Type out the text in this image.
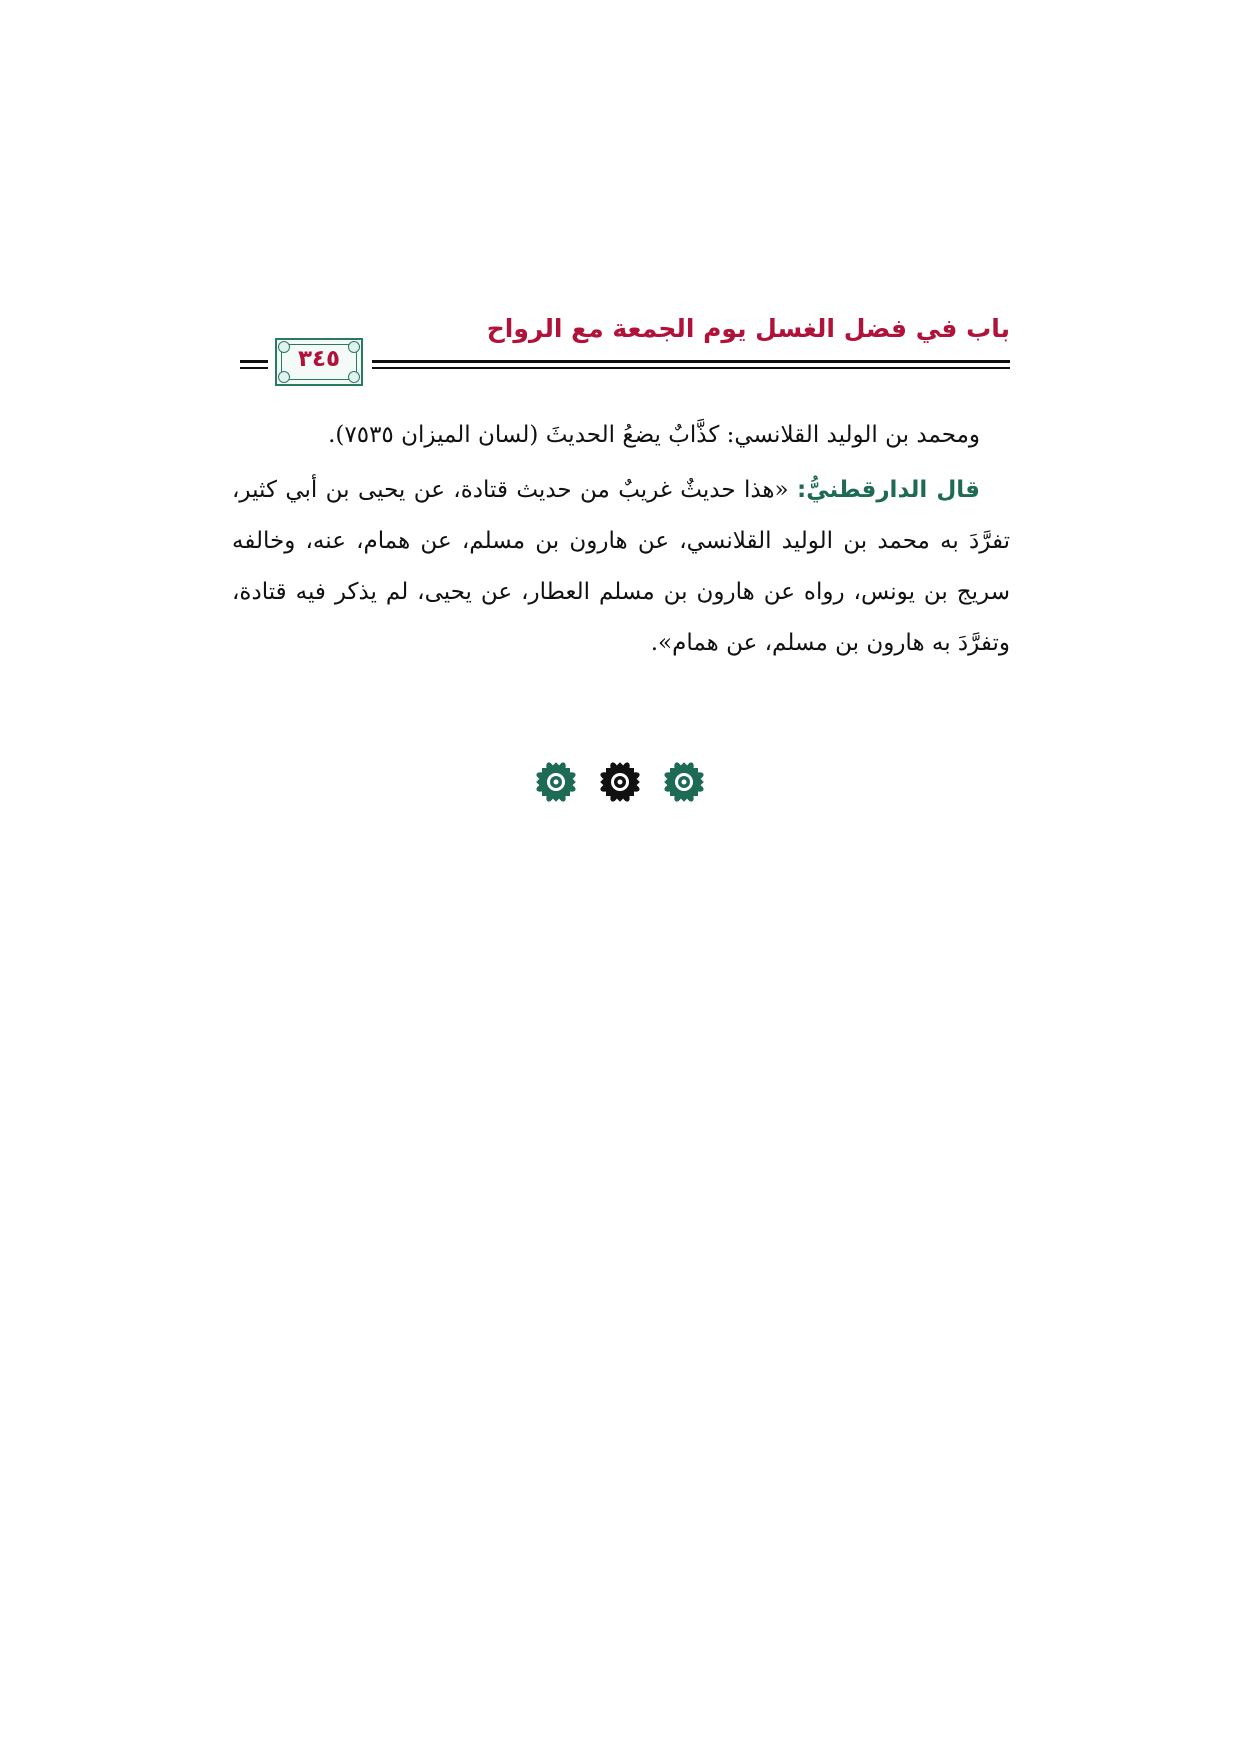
٣٤٥
باب في فضل الغسل يوم الجمعة مع الرواح

ومحمد بن الوليد القلانسي: كذَّابٌ يضعُ الحديثَ (لسان الميزان ٧٥٣٥).

قال الدارقطنيُّ: «هذا حديثٌ غريبٌ من حديث قتادة، عن يحيى بن أبي كثير، تفرَّدَ به محمد بن الوليد القلانسي، عن هارون بن مسلم، عن همام، عنه، وخالفه سريج بن يونس، رواه عن هارون بن مسلم العطار، عن يحيى، لم يذكر فيه قتادة، وتفرَّدَ به هارون بن مسلم، عن همام».
